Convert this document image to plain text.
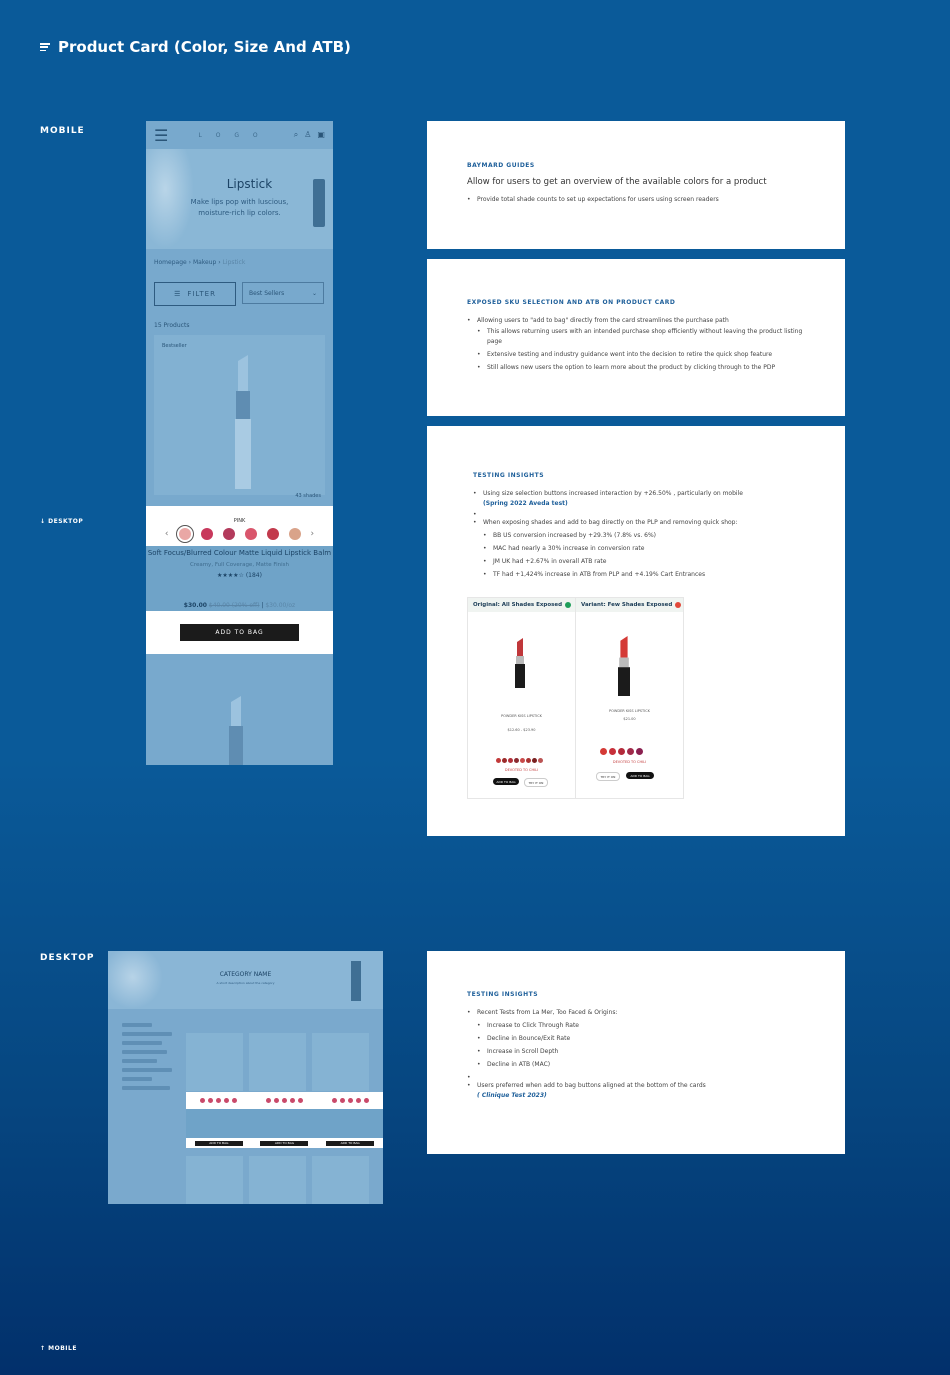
Product Card (Color, Size And ATB)
MOBILE
↓ DESKTOP
DESKTOP
↑ MOBILE
☰	L O G O	⌕ ♙ ▣
Lipstick
Make lips pop with luscious, moisture-rich lip colors.
Homepage › Makeup › Lipstick
☰ FILTER	Best Sellers	⌄
15 Products
Bestseller
43 shades
PINK
‹	›
Soft Focus/Blurred Colour Matte Liquid Lipstick Balm
Creamy, Full Coverage, Matte Finish
★★★★☆ (184)
$30.00 $40.00 (20% off) | $30.00/oz
ADD TO BAG
BAYMARD GUIDES
Allow for users to get an overview of the available colors for a product
• Provide total shade counts to set up expectations for users using screen readers
EXPOSED SKU SELECTION AND ATB ON PRODUCT CARD
• Allowing users to "add to bag" directly from the card streamlines the purchase path
• This allows returning users with an intended purchase shop efficiently without leaving the product listing page
• Extensive testing and industry guidance went into the decision to retire the quick shop feature
• Still allows new users the option to learn more about the product by clicking through to the PDP
TESTING INSIGHTS
• Using size selection buttons increased interaction by +26.50% , particularly on mobile
(Spring 2022 Aveda test)
•
• When exposing shades and add to bag directly on the PLP and removing quick shop:
• BB US conversion increased by +29.3% (7.8% vs. 6%)
• MAC had nearly a 30% increase in conversion rate
• JM UK had +2.67% in overall ATB rate
• TF had +1,424% increase in ATB from PLP and +4.19% Cart Entrances
Original: All Shades Exposed
POWDER KISS LIPSTICK
$12.60 - $23.90
DEVOTED TO CHILI
ADD TO BAG	TRY IT ON
Variant: Few Shades Exposed
POWDER KISS LIPSTICK
$21.00
DEVOTED TO CHILI
TRY IT ON	ADD TO BAG
CATEGORY NAME
A short description about the category
ADD TO BAG	ADD TO BAG	ADD TO BAG
TESTING INSIGHTS
• Recent Tests from La Mer, Too Faced & Origins:
• Increase to Click Through Rate
• Decline in Bounce/Exit Rate
• Increase in Scroll Depth
• Decline in ATB (MAC)
•
• Users preferred when add to bag buttons aligned at the bottom of the cards
( Clinique Test 2023)
